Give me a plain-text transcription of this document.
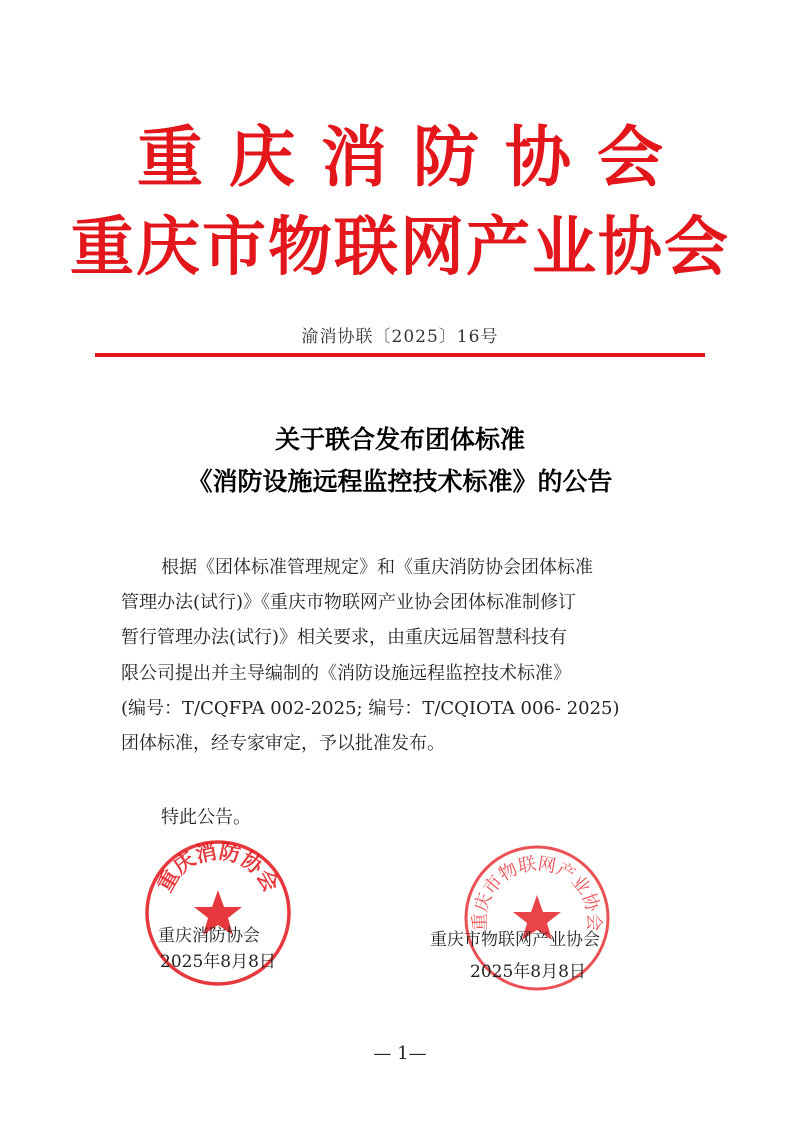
重庆消防协会
重庆市物联网产业协会
渝消协联〔2025〕16号
关于联合发布团体标准
《消防设施远程监控技术标准》的公告
根据《团体标准管理规定》和《重庆消防协会团体标准
管理办法(试行)》《重庆市物联网产业协会团体标准制修订
暂行管理办法(试行)》相关要求，由重庆远届智慧科技有
限公司提出并主导编制的《消防设施远程监控技术标准》
(编号：T/CQFPA 002-2025; 编号：T/CQIOTA 006- 2025)
团体标准，经专家审定，予以批准发布。
特此公告。
重庆消防协会
重庆市物联网产业协会
重庆消防协会
2025年8月8日
重庆市物联网产业协会
2025年8月8日
— 1—
